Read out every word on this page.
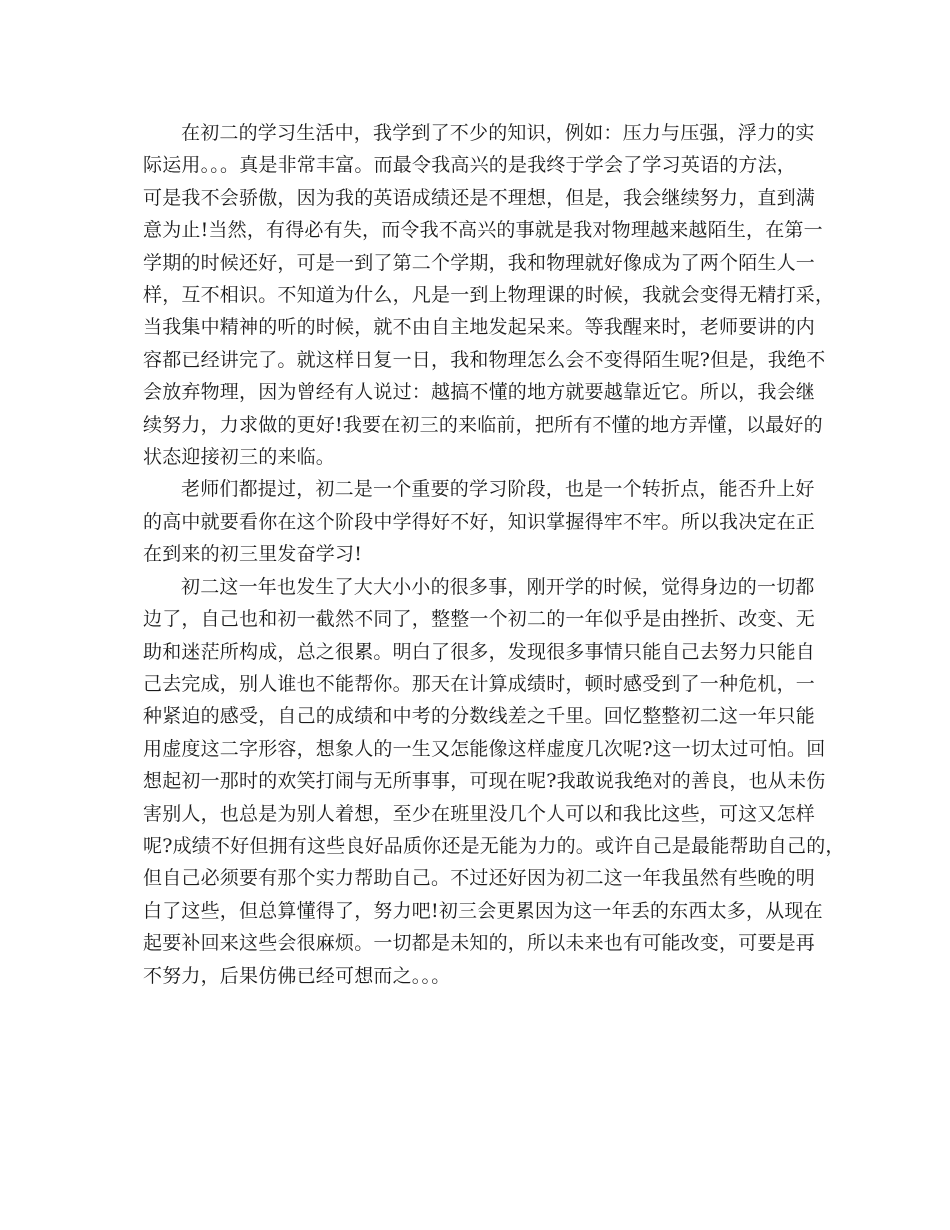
在初二的学习生活中，我学到了不少的知识，例如：压力与压强，浮力的实
际运用。。。真是非常丰富。而最令我高兴的是我终于学会了学习英语的方法，
可是我不会骄傲，因为我的英语成绩还是不理想，但是，我会继续努力，直到满
意为止!当然，有得必有失，而令我不高兴的事就是我对物理越来越陌生，在第一
学期的时候还好，可是一到了第二个学期，我和物理就好像成为了两个陌生人一
样，互不相识。不知道为什么，凡是一到上物理课的时候，我就会变得无精打采，
当我集中精神的听的时候，就不由自主地发起呆来。等我醒来时，老师要讲的内
容都已经讲完了。就这样日复一日，我和物理怎么会不变得陌生呢?但是，我绝不
会放弃物理，因为曾经有人说过：越搞不懂的地方就要越靠近它。所以，我会继
续努力，力求做的更好!我要在初三的来临前，把所有不懂的地方弄懂，以最好的
状态迎接初三的来临。

老师们都提过，初二是一个重要的学习阶段，也是一个转折点，能否升上好
的高中就要看你在这个阶段中学得好不好，知识掌握得牢不牢。所以我决定在正
在到来的初三里发奋学习!

初二这一年也发生了大大小小的很多事，刚开学的时候，觉得身边的一切都
边了，自己也和初一截然不同了，整整一个初二的一年似乎是由挫折、改变、无
助和迷茫所构成，总之很累。明白了很多，发现很多事情只能自己去努力只能自
己去完成，别人谁也不能帮你。那天在计算成绩时，顿时感受到了一种危机，一
种紧迫的感受，自己的成绩和中考的分数线差之千里。回忆整整初二这一年只能
用虚度这二字形容，想象人的一生又怎能像这样虚度几次呢?这一切太过可怕。回
想起初一那时的欢笑打闹与无所事事，可现在呢?我敢说我绝对的善良，也从未伤
害别人，也总是为别人着想，至少在班里没几个人可以和我比这些，可这又怎样
呢?成绩不好但拥有这些良好品质你还是无能为力的。或许自己是最能帮助自己的，
但自己必须要有那个实力帮助自己。不过还好因为初二这一年我虽然有些晚的明
白了这些，但总算懂得了，努力吧!初三会更累因为这一年丢的东西太多，从现在
起要补回来这些会很麻烦。一切都是未知的，所以未来也有可能改变，可要是再
不努力，后果仿佛已经可想而之。。。
